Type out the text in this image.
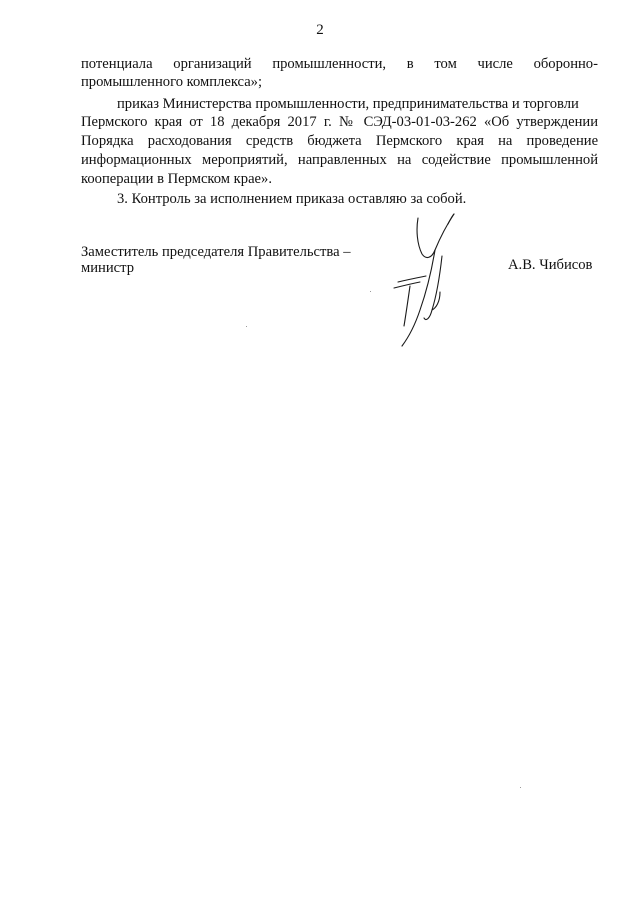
2
потенциала организаций промышленности, в том числе оборонно-
промышленного комплекса»;
приказ Министерства промышленности, предпринимательства и торговли
Пермского края от 18 декабря 2017 г. № СЭД-03-01-03-262 «Об утверждении
Порядка расходования средств бюджета Пермского края на проведение
информационных мероприятий, направленных на содействие промышленной
кооперации в Пермском крае».
3. Контроль за исполнением приказа оставляю за собой.
Заместитель председателя Правительства –
министр	А.В. Чибисов
